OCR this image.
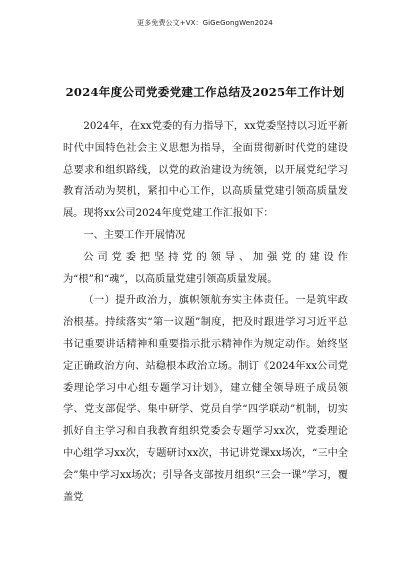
更多免费公文+VX：GiGeGongWen2024
2024年度公司党委党建工作总结及2025年工作计划

2024年，在xx党委的有力指导下，xx党委坚持以习近平新时代中国特色社会主义思想为指导，全面贯彻新时代党的建设总要求和组织路线，以党的政治建设为统领，以开展党纪学习教育活动为契机，紧扣中心工作，以高质量党建引领高质量发展。现将xx公司2024年度党建工作汇报如下：

一、主要工作开展情况

公司党委把坚持党的领导、加强党的建设作为“根”和“魂”，以高质量党建引领高质量发展。

（一）提升政治力，旗帜领航夯实主体责任。一是筑牢政治根基。持续落实“第一议题”制度，把及时跟进学习习近平总书记重要讲话精神和重要指示批示精神作为规定动作。始终坚定正确政治方向、站稳根本政治立场。制订《2024年xx公司党委理论学习中心组专题学习计划》，建立健全领导班子成员领学、党支部促学、集中研学、党员自学“四学联动”机制，切实抓好自主学习和自我教育组织党委会专题学习xx次，党委理论中心组学习xx次，专题研讨xx次，书记讲党课xx场次，“三中全会”集中学习xx场次；引导各支部按月组织“三会一课”学习，覆盖党
